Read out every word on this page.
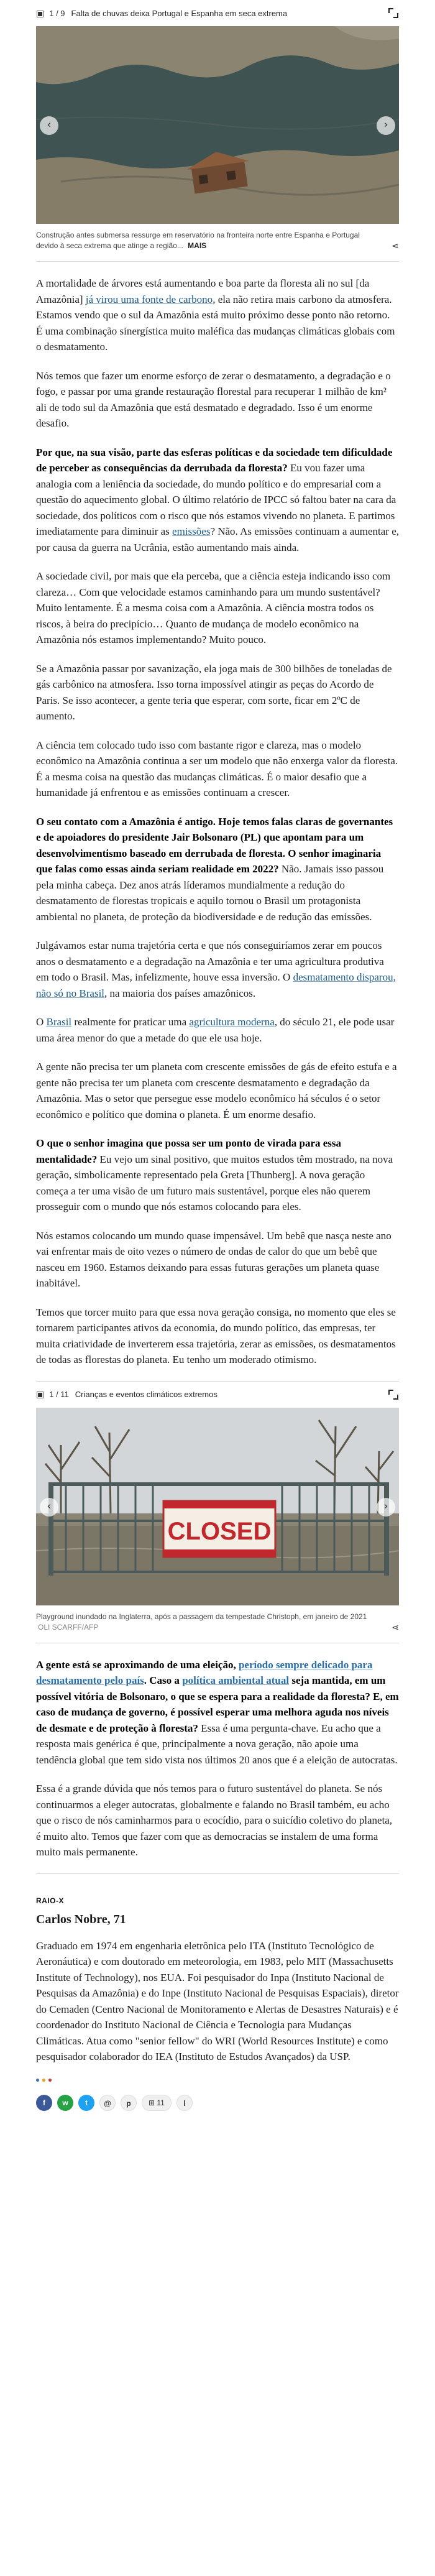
▣ 1 / 9 Falta de chuvas deixa Portugal e Espanha em seca extrema
‹	›
Construção antes submersa ressurge em reservatório na fronteira norte entre Espanha e Portugal devido à seca extrema que atinge a região... MAIS	⋖

A mortalidade de árvores está aumentando e boa parte da floresta ali no sul [da Amazônia] já virou uma fonte de carbono, ela não retira mais carbono da atmosfera. Estamos vendo que o sul da Amazônia está muito próximo desse ponto não retorno. É uma combinação sinergística muito maléfica das mudanças climáticas globais com o desmatamento.

Nós temos que fazer um enorme esforço de zerar o desmatamento, a degradação e o fogo, e passar por uma grande restauração florestal para recuperar 1 milhão de km² ali de todo sul da Amazônia que está desmatado e degradado. Isso é um enorme desafio.

Por que, na sua visão, parte das esferas políticas e da sociedade tem dificuldade de perceber as consequências da derrubada da floresta? Eu vou fazer uma analogia com a leniência da sociedade, do mundo político e do empresarial com a questão do aquecimento global. O último relatório de IPCC só faltou bater na cara da sociedade, dos políticos com o risco que nós estamos vivendo no planeta. E partimos imediatamente para diminuir as emissões? Não. As emissões continuam a aumentar e, por causa da guerra na Ucrânia, estão aumentando mais ainda.

A sociedade civil, por mais que ela perceba, que a ciência esteja indicando isso com clareza… Com que velocidade estamos caminhando para um mundo sustentável? Muito lentamente. É a mesma coisa com a Amazônia. A ciência mostra todos os riscos, à beira do precipício… Quanto de mudança de modelo econômico na Amazônia nós estamos implementando? Muito pouco.

Se a Amazônia passar por savanização, ela joga mais de 300 bilhões de toneladas de gás carbônico na atmosfera. Isso torna impossível atingir as peças do Acordo de Paris. Se isso acontecer, a gente teria que esperar, com sorte, ficar em 2ºC de aumento.

A ciência tem colocado tudo isso com bastante rigor e clareza, mas o modelo econômico na Amazônia continua a ser um modelo que não enxerga valor da floresta. É a mesma coisa na questão das mudanças climáticas. É o maior desafio que a humanidade já enfrentou e as emissões continuam a crescer.

O seu contato com a Amazônia é antigo. Hoje temos falas claras de governantes e de apoiadores do presidente Jair Bolsonaro (PL) que apontam para um desenvolvimentismo baseado em derrubada de floresta. O senhor imaginaria que falas como essas ainda seriam realidade em 2022? Não. Jamais isso passou pela minha cabeça. Dez anos atrás líderamos mundialmente a redução do desmatamento de florestas tropicais e aquilo tornou o Brasil um protagonista ambiental no planeta, de proteção da biodiversidade e de redução das emissões.

Julgávamos estar numa trajetória certa e que nós conseguiríamos zerar em poucos anos o desmatamento e a degradação na Amazônia e ter uma agricultura produtiva em todo o Brasil. Mas, infelizmente, houve essa inversão. O desmatamento disparou, não só no Brasil, na maioria dos países amazônicos.

O Brasil realmente for praticar uma agricultura moderna, do século 21, ele pode usar uma área menor do que a metade do que ele usa hoje.

A gente não precisa ter um planeta com crescente emissões de gás de efeito estufa e a gente não precisa ter um planeta com crescente desmatamento e degradação da Amazônia. Mas o setor que persegue esse modelo econômico há séculos é o setor econômico e político que domina o planeta. É um enorme desafio.

O que o senhor imagina que possa ser um ponto de virada para essa mentalidade? Eu vejo um sinal positivo, que muitos estudos têm mostrado, na nova geração, simbolicamente representado pela Greta [Thunberg]. A nova geração começa a ter uma visão de um futuro mais sustentável, porque eles não querem prosseguir com o mundo que nós estamos colocando para eles.

Nós estamos colocando um mundo quase impensável. Um bebê que nasça neste ano vai enfrentar mais de oito vezes o número de ondas de calor do que um bebê que nasceu em 1960. Estamos deixando para essas futuras gerações um planeta quase inabitável.

Temos que torcer muito para que essa nova geração consiga, no momento que eles se tornarem participantes ativos da economia, do mundo político, das empresas, ter muita criatividade de inverterem essa trajetória, zerar as emissões, os desmatamentos de todas as florestas do planeta. Eu tenho um moderado otimismo.

▣ 1 / 11 Crianças e eventos climáticos extremos
CLOSED
‹	›
Playground inundado na Inglaterra, após a passagem da tempestade Christoph, em janeiro de 2021 OLI SCARFF/AFP	⋖

A gente está se aproximando de uma eleição, período sempre delicado para desmatamento pelo país. Caso a política ambiental atual seja mantida, em um possível vitória de Bolsonaro, o que se espera para a realidade da floresta? E, em caso de mudança de governo, é possível esperar uma melhora aguda nos níveis de desmate e de proteção à floresta? Essa é uma pergunta-chave. Eu acho que a resposta mais genérica é que, principalmente a nova geração, não apoie uma tendência global que tem sido vista nos últimos 20 anos que é a eleição de autocratas.

Essa é a grande dúvida que nós temos para o futuro sustentável do planeta. Se nós continuarmos a eleger autocratas, globalmente e falando no Brasil também, eu acho que o risco de nós caminharmos para o ecocídio, para o suicídio coletivo do planeta, é muito alto. Temos que fazer com que as democracias se instalem de uma forma muito mais permanente.

RAIO-X
Carlos Nobre, 71
Graduado em 1974 em engenharia eletrônica pelo ITA (Instituto Tecnológico de Aeronáutica) e com doutorado em meteorologia, em 1983, pelo MIT (Massachusetts Institute of Technology), nos EUA. Foi pesquisador do Inpa (Instituto Nacional de Pesquisas da Amazônia) e do Inpe (Instituto Nacional de Pesquisas Espaciais), diretor do Cemaden (Centro Nacional de Monitoramento e Alertas de Desastres Naturais) e é coordenador do Instituto Nacional de Ciência e Tecnologia para Mudanças Climáticas. Atua como "senior fellow" do WRI (World Resources Institute) e como pesquisador colaborador do IEA (Instituto de Estudos Avançados) da USP.
f	w	t	@	p	⊞ 11	l
